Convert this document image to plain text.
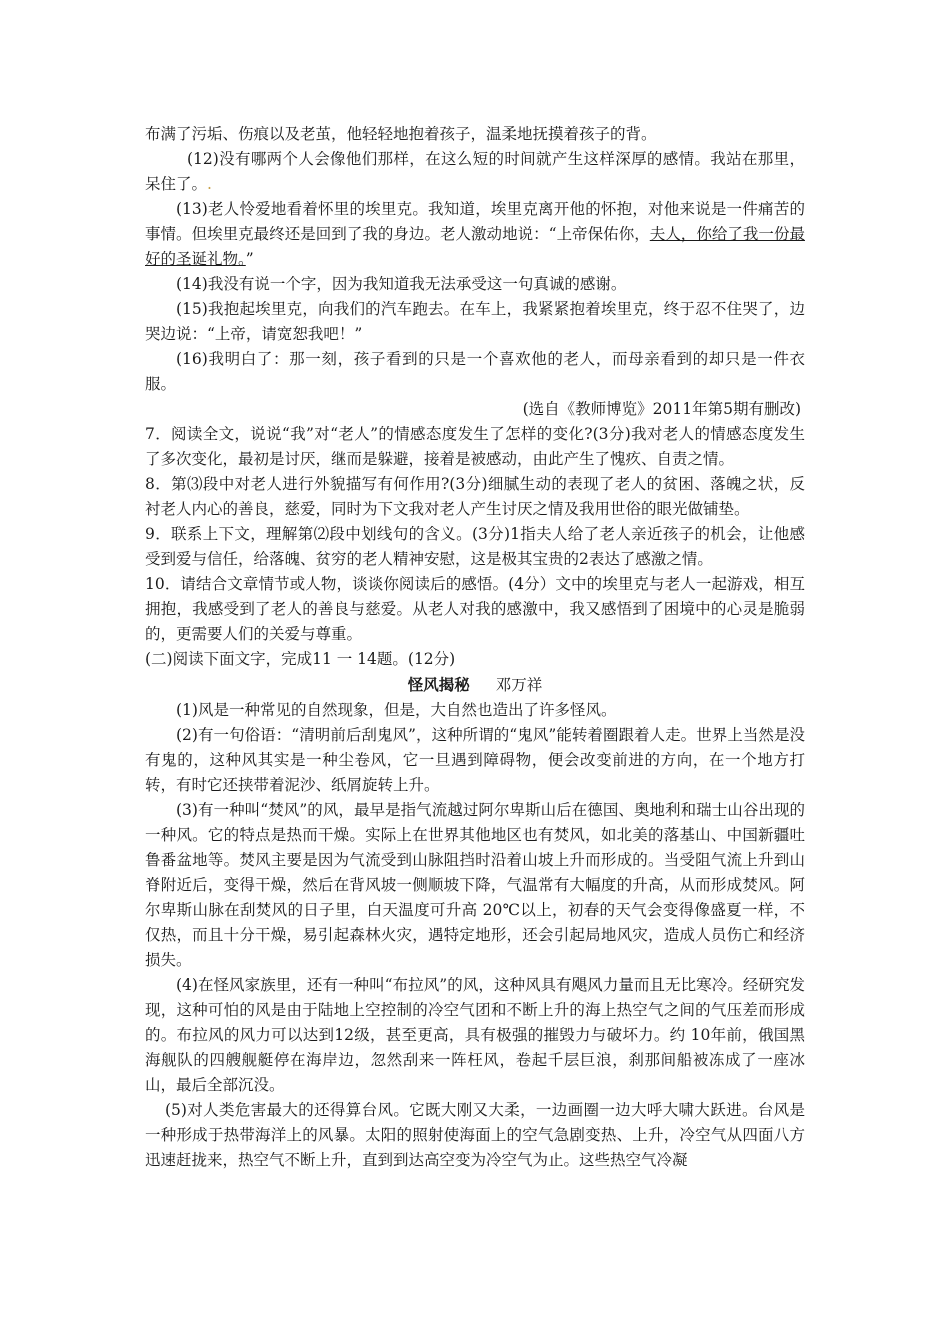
布满了污垢、伤痕以及老茧，他轻轻地抱着孩子，温柔地抚摸着孩子的背。

(12)没有哪两个人会像他们那样，在这么短的时间就产生这样深厚的感情。我站在那里，呆住了。.

(13)老人怜爱地看着怀里的埃里克。我知道，埃里克离开他的怀抱，对他来说是一件痛苦的事情。但埃里克最终还是回到了我的身边。老人激动地说：“上帝保佑你，夫人，你给了我一份最好的圣诞礼物。”

(14)我没有说一个字，因为我知道我无法承受这一句真诚的感谢。

(15)我抱起埃里克，向我们的汽车跑去。在车上，我紧紧抱着埃里克，终于忍不住哭了，边哭边说：“上帝，请宽恕我吧！”

(16)我明白了：那一刻，孩子看到的只是一个喜欢他的老人，而母亲看到的却只是一件衣服。

(选自《教师博览》2011年第5期有删改)

7．阅读全文，说说“我”对“老人”的情感态度发生了怎样的变化?(3分)我对老人的情感态度发生了多次变化，最初是讨厌，继而是躲避，接着是被感动，由此产生了愧疚、自责之情。

8．第⑶段中对老人进行外貌描写有何作用?(3分)细腻生动的表现了老人的贫困、落魄之状，反衬老人内心的善良，慈爱，同时为下文我对老人产生讨厌之情及我用世俗的眼光做铺垫。

9．联系上下文，理解第⑵段中划线句的含义。(3分)1指夫人给了老人亲近孩子的机会，让他感受到爱与信任，给落魄、贫穷的老人精神安慰，这是极其宝贵的2表达了感激之情。

10．请结合文章情节或人物，谈谈你阅读后的感悟。(4分）文中的埃里克与老人一起游戏，相互拥抱，我感受到了老人的善良与慈爱。从老人对我的感激中，我又感悟到了困境中的心灵是脆弱的，更需要人们的关爱与尊重。

(二)阅读下面文字，完成11 一 14题。(12分)

怪风揭秘 邓万祥

(1)风是一种常见的自然现象，但是，大自然也造出了许多怪风。

(2)有一句俗语：“清明前后刮鬼风”，这种所谓的“鬼风”能转着圈跟着人走。世界上当然是没有鬼的，这种风其实是一种尘卷风，它一旦遇到障碍物，便会改变前进的方向，在一个地方打转，有时它还挟带着泥沙、纸屑旋转上升。

(3)有一种叫“焚风”的风，最早是指气流越过阿尔卑斯山后在德国、奥地利和瑞士山谷出现的一种风。它的特点是热而干燥。实际上在世界其他地区也有焚风，如北美的落基山、中国新疆吐鲁番盆地等。焚风主要是因为气流受到山脉阻挡时沿着山坡上升而形成的。当受阻气流上升到山脊附近后，变得干燥，然后在背风坡一侧顺坡下降，气温常有大幅度的升高，从而形成焚风。阿尔卑斯山脉在刮焚风的日子里，白天温度可升高 20℃以上，初春的天气会变得像盛夏一样，不仅热，而且十分干燥，易引起森林火灾，遇特定地形，还会引起局地风灾，造成人员伤亡和经济损失。

(4)在怪风家族里，还有一种叫“布拉风”的风，这种风具有飓风力量而且无比寒冷。经研究发现，这种可怕的风是由于陆地上空控制的冷空气团和不断上升的海上热空气之间的气压差而形成的。布拉风的风力可以达到12级，甚至更高，具有极强的摧毁力与破坏力。约 10年前，俄国黑海舰队的四艘舰艇停在海岸边，忽然刮来一阵枉风，卷起千层巨浪，刹那间船被冻成了一座冰山，最后全部沉没。

(5)对人类危害最大的还得算台风。它既大刚又大柔，一边画圈一边大呼大啸大跃进。台风是一种形成于热带海洋上的风暴。太阳的照射使海面上的空气急剧变热、上升，冷空气从四面八方迅速赶拢来，热空气不断上升，直到到达高空变为冷空气为止。这些热空气冷凝
